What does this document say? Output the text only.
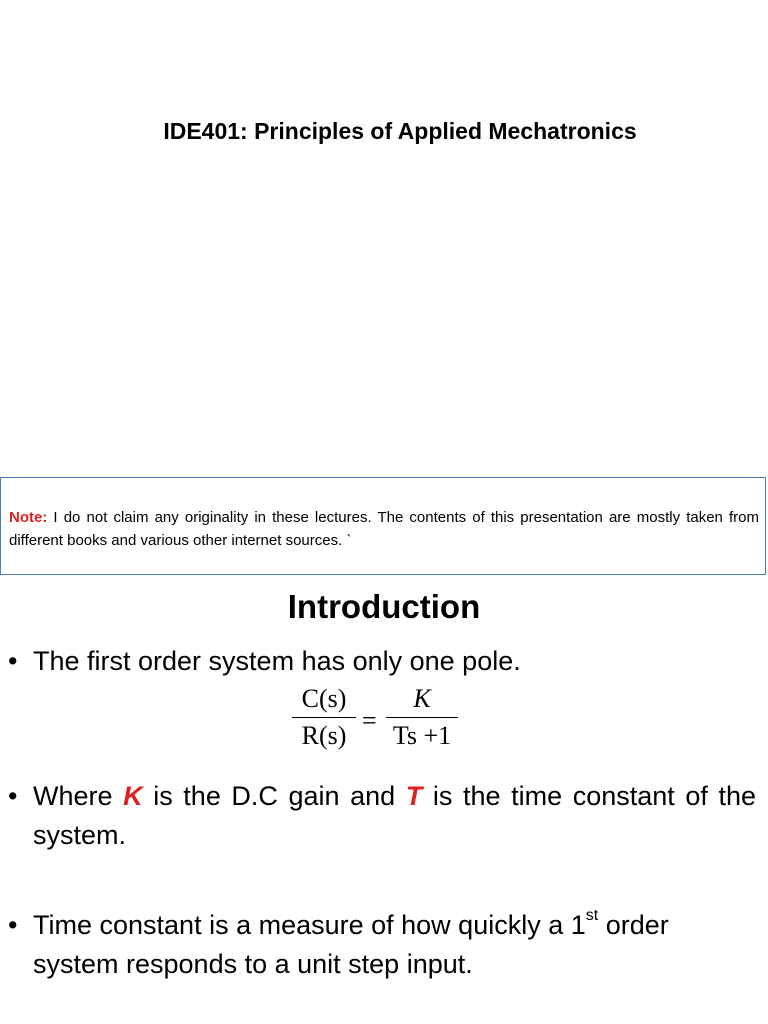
IDE401: Principles of Applied Mechatronics
Note: I do not claim any originality in these lectures. The contents of this presentation are mostly taken from different books and various other internet sources. `
Introduction
• The first order system has only one pole.
C(s)
R(s)
=
K
Ts +1
• Where K is the D.C gain and T is the time constant of the system.
• Time constant is a measure of how quickly a 1st order system responds to a unit step input.
